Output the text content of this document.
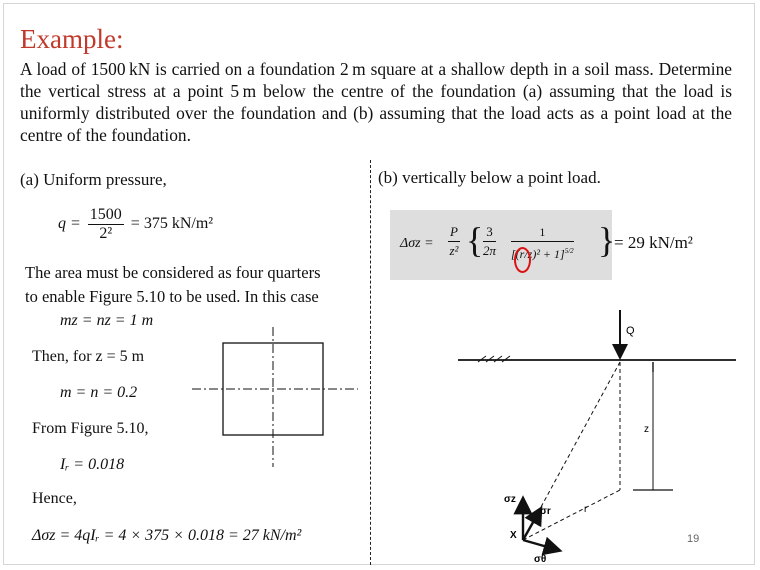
Example:
A load of 1500 kN is carried on a foundation 2 m square at a shallow depth in a soil mass. Determine the vertical stress at a point 5 m below the centre of the foundation (a) assuming that the load is uniformly distributed over the foundation and (b) assuming that the load acts as a point load at the centre of the foundation.
(a) Uniform pressure,
$q = \frac{1500}{\text{2²}} = 375$ kN/m²
The area must be considered as four quarters
to enable Figure 5.10 to be used. In this case
mz = nz = 1 m
Then, for z = 5 m
m = n = 0.2
From Figure 5.10,
Iᵣ = 0.018
Hence,
Δσz = 4qIᵣ = 4 × 375 × 0.018 = 27 kN/m²
(b) vertically below a point load.
$\Delta\sigma z = \frac{P}{\text{z²}}$ { $\frac{3}{2\pi} \frac{1}{[(r/z)^2 + 1]^{5/2}}$ }
= 29 kN/m²
Q
z
r
X
σz
σr
σθ
19
